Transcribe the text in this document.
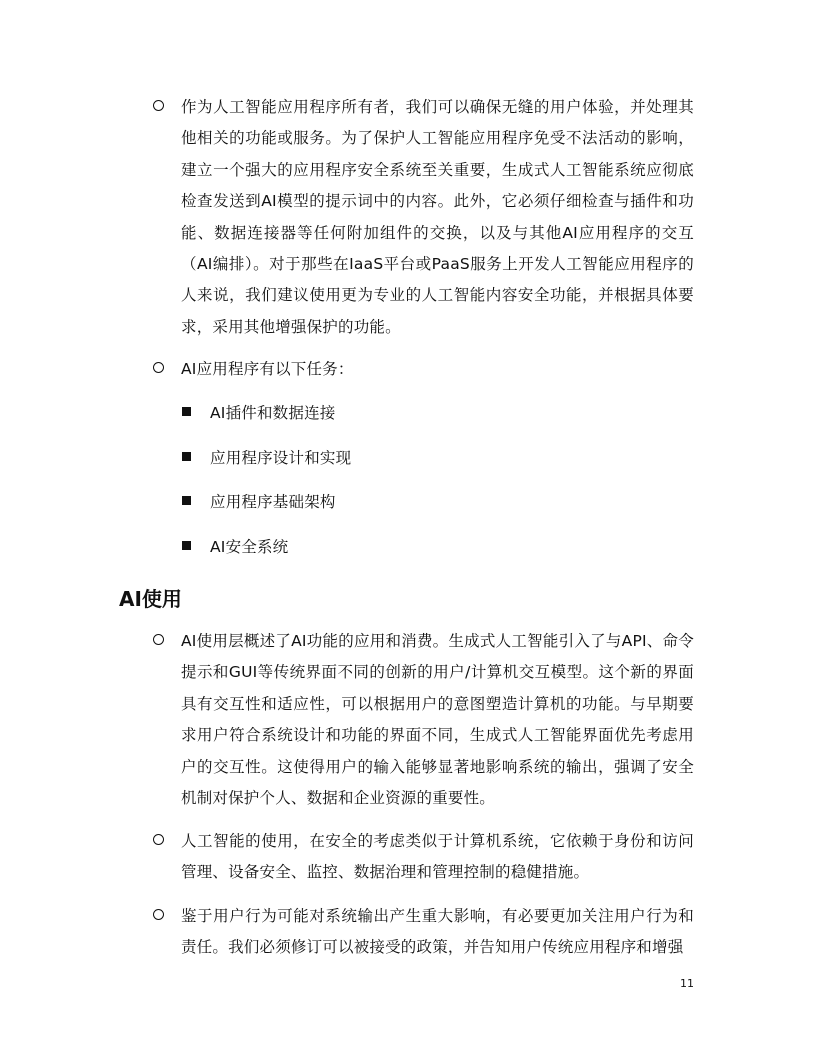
作为人工智能应用程序所有者，我们可以确保无缝的用户体验，并处理其他相关的功能或服务。为了保护人工智能应用程序免受不法活动的影响，建立一个强大的应用程序安全系统至关重要，生成式人工智能系统应彻底检查发送到AI模型的提示词中的内容。此外，它必须仔细检查与插件和功能、数据连接器等任何附加组件的交换，以及与其他AI应用程序的交互（AI编排）。对于那些在IaaS平台或PaaS服务上开发人工智能应用程序的人来说，我们建议使用更为专业的人工智能内容安全功能，并根据具体要求，采用其他增强保护的功能。
AI应用程序有以下任务：
AI插件和数据连接
应用程序设计和实现
应用程序基础架构
AI安全系统
AI使用
AI使用层概述了AI功能的应用和消费。生成式人工智能引入了与API、命令提示和GUI等传统界面不同的创新的用户/计算机交互模型。这个新的界面具有交互性和适应性，可以根据用户的意图塑造计算机的功能。与早期要求用户符合系统设计和功能的界面不同，生成式人工智能界面优先考虑用户的交互性。这使得用户的输入能够显著地影响系统的输出，强调了安全机制对保护个人、数据和企业资源的重要性。
人工智能的使用，在安全的考虑类似于计算机系统，它依赖于身份和访问管理、设备安全、监控、数据治理和管理控制的稳健措施。
鉴于用户行为可能对系统输出产生重大影响，有必要更加关注用户行为和责任。我们必须修订可以被接受的政策，并告知用户传统应用程序和增强
11
